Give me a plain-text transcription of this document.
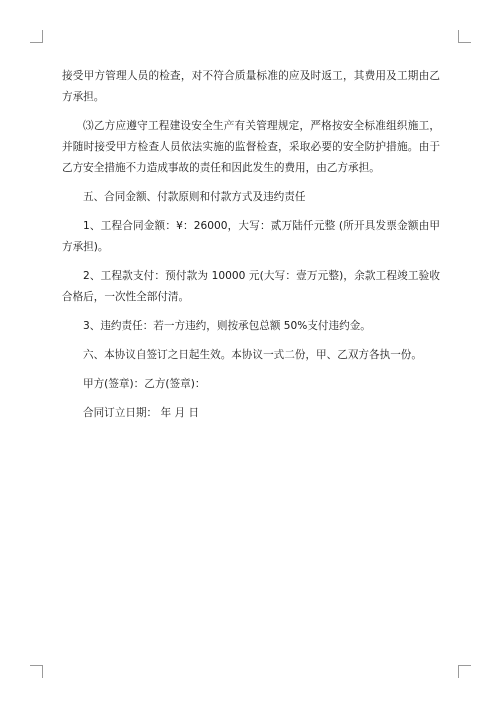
接受甲方管理人员的检查，对不符合质量标准的应及时返工，其费用及工期由乙方承担。

⑶乙方应遵守工程建设安全生产有关管理规定，严格按安全标准组织施工，并随时接受甲方检查人员依法实施的监督检查，采取必要的安全防护措施。由于乙方安全措施不力造成事故的责任和因此发生的费用，由乙方承担。

五、合同金额、付款原则和付款方式及违约责任

1、工程合同金额：¥：26000，大写：贰万陆仟元整 (所开具发票金额由甲方承担)。

2、工程款支付：预付款为 10000 元(大写：壹万元整)，余款工程竣工验收合格后，一次性全部付清。

3、违约责任：若一方违约，则按承包总额 50%支付违约金。

六、本协议自签订之日起生效。本协议一式二份，甲、乙双方各执一份。

甲方(签章)：乙方(签章)：

合同订立日期： 年 月 日
